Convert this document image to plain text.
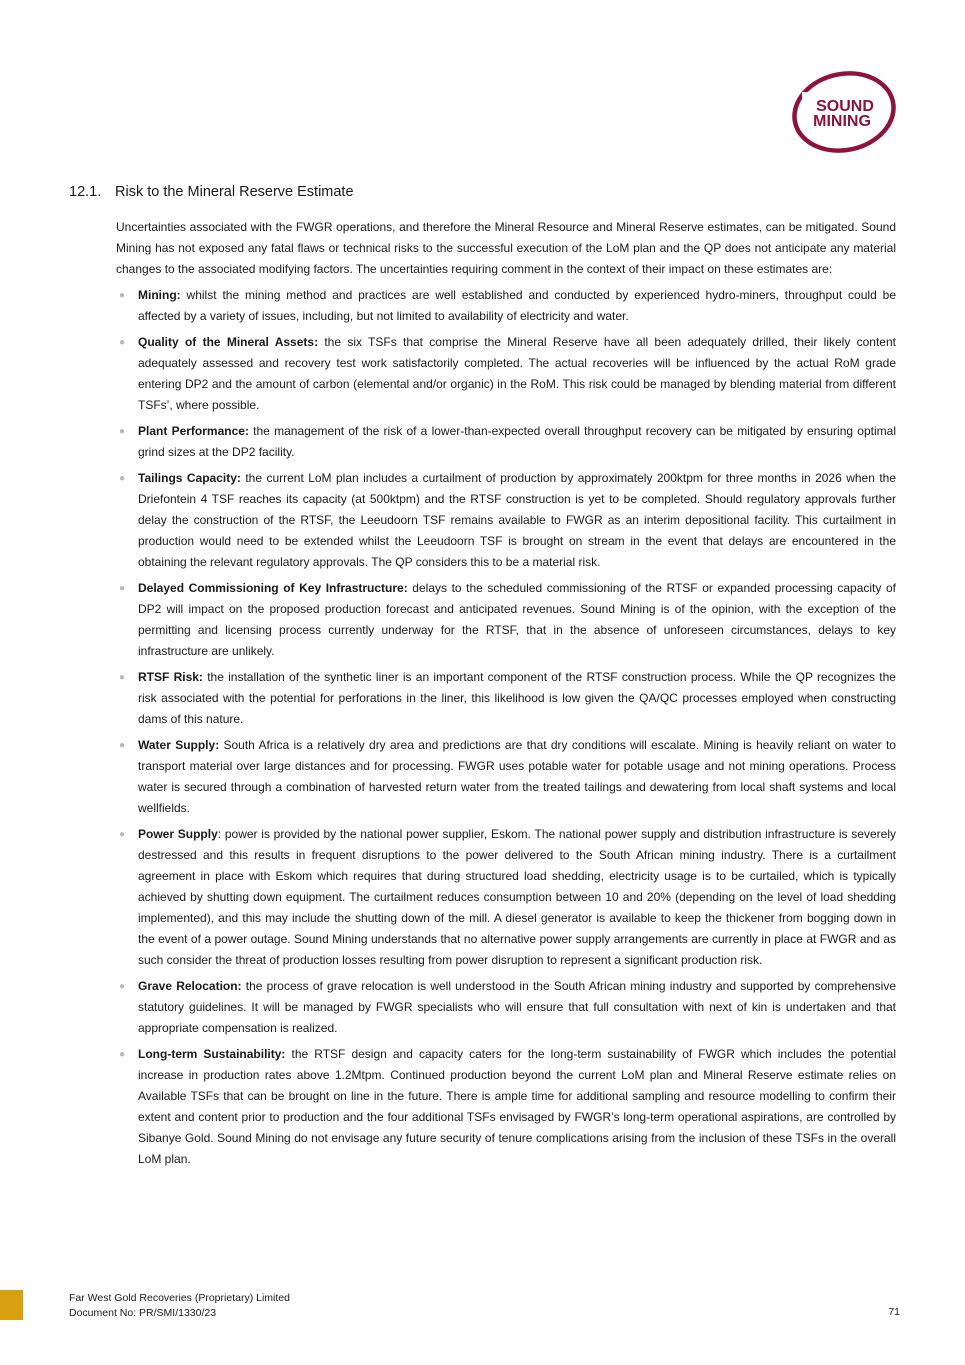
SOUND
MINING
12.1. Risk to the Mineral Reserve Estimate

Uncertainties associated with the FWGR operations, and therefore the Mineral Resource and Mineral Reserve estimates, can be mitigated. Sound Mining has not exposed any fatal flaws or technical risks to the successful execution of the LoM plan and the QP does not anticipate any material changes to the associated modifying factors. The uncertainties requiring comment in the context of their impact on these estimates are:

● Mining: whilst the mining method and practices are well established and conducted by experienced hydro-miners, throughput could be affected by a variety of issues, including, but not limited to availability of electricity and water.
● Quality of the Mineral Assets: the six TSFs that comprise the Mineral Reserve have all been adequately drilled, their likely content adequately assessed and recovery test work satisfactorily completed. The actual recoveries will be influenced by the actual RoM grade entering DP2 and the amount of carbon (elemental and/or organic) in the RoM. This risk could be managed by blending material from different TSFs’, where possible.
● Plant Performance: the management of the risk of a lower-than-expected overall throughput recovery can be mitigated by ensuring optimal grind sizes at the DP2 facility.
● Tailings Capacity: the current LoM plan includes a curtailment of production by approximately 200ktpm for three months in 2026 when the Driefontein 4 TSF reaches its capacity (at 500ktpm) and the RTSF construction is yet to be completed. Should regulatory approvals further delay the construction of the RTSF, the Leeudoorn TSF remains available to FWGR as an interim depositional facility. This curtailment in production would need to be extended whilst the Leeudoorn TSF is brought on stream in the event that delays are encountered in the obtaining the relevant regulatory approvals. The QP considers this to be a material risk.
● Delayed Commissioning of Key Infrastructure: delays to the scheduled commissioning of the RTSF or expanded processing capacity of DP2 will impact on the proposed production forecast and anticipated revenues. Sound Mining is of the opinion, with the exception of the permitting and licensing process currently underway for the RTSF, that in the absence of unforeseen circumstances, delays to key infrastructure are unlikely.
● RTSF Risk: the installation of the synthetic liner is an important component of the RTSF construction process. While the QP recognizes the risk associated with the potential for perforations in the liner, this likelihood is low given the QA/QC processes employed when constructing dams of this nature.
● Water Supply: South Africa is a relatively dry area and predictions are that dry conditions will escalate. Mining is heavily reliant on water to transport material over large distances and for processing. FWGR uses potable water for potable usage and not mining operations. Process water is secured through a combination of harvested return water from the treated tailings and dewatering from local shaft systems and local wellfields.
● Power Supply: power is provided by the national power supplier, Eskom. The national power supply and distribution infrastructure is severely destressed and this results in frequent disruptions to the power delivered to the South African mining industry. There is a curtailment agreement in place with Eskom which requires that during structured load shedding, electricity usage is to be curtailed, which is typically achieved by shutting down equipment. The curtailment reduces consumption between 10 and 20% (depending on the level of load shedding implemented), and this may include the shutting down of the mill. A diesel generator is available to keep the thickener from bogging down in the event of a power outage. Sound Mining understands that no alternative power supply arrangements are currently in place at FWGR and as such consider the threat of production losses resulting from power disruption to represent a significant production risk.
● Grave Relocation: the process of grave relocation is well understood in the South African mining industry and supported by comprehensive statutory guidelines. It will be managed by FWGR specialists who will ensure that full consultation with next of kin is undertaken and that appropriate compensation is realized.
● Long-term Sustainability: the RTSF design and capacity caters for the long-term sustainability of FWGR which includes the potential increase in production rates above 1.2Mtpm. Continued production beyond the current LoM plan and Mineral Reserve estimate relies on Available TSFs that can be brought on line in the future. There is ample time for additional sampling and resource modelling to confirm their extent and content prior to production and the four additional TSFs envisaged by FWGR’s long-term operational aspirations, are controlled by Sibanye Gold. Sound Mining do not envisage any future security of tenure complications arising from the inclusion of these TSFs in the overall LoM plan.
Far West Gold Recoveries (Proprietary) Limited
Document No: PR/SMI/1330/23	71
